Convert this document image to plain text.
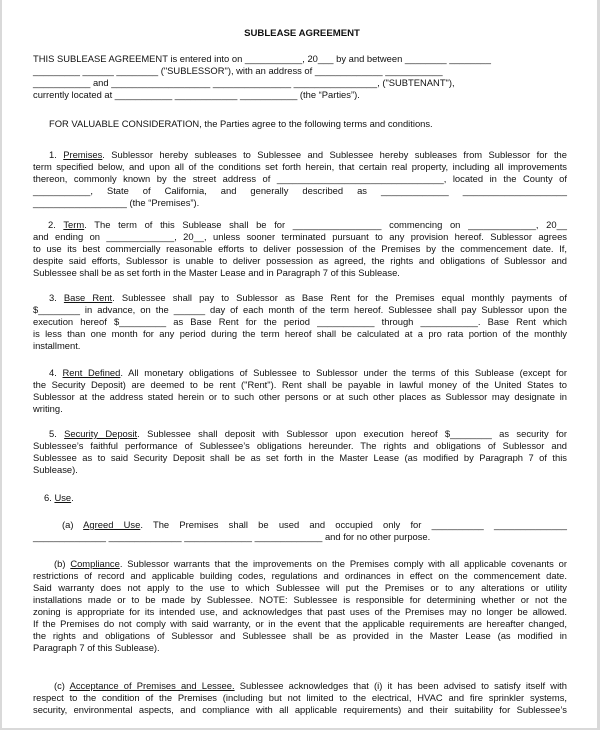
SUBLEASE AGREEMENT
THIS SUBLEASE AGREEMENT is entered into on ___________, 20___ by and between ________ ________
_________ ______ ________ ("SUBLESSOR"), with an address of _____________ ___________
___________ and ___________________ _______________ ________________, ("SUBTENANT"),
currently located at ___________ ____________ ___________ (the “Parties”).
FOR VALUABLE CONSIDERATION, the Parties agree to the following terms and conditions.
1. Premises. Sublessor hereby subleases to Sublessee and Sublessee hereby subleases from Sublessor for the
term specified below, and upon all of the conditions set forth herein, that certain real property, including all improvements
thereon, commonly known by the street address of ________________________________, located in the County of
___________, State of California, and generally described as _____________ ____________________
__________________ (the “Premises”).
2. Term. The term of this Sublease shall be for _________________ commencing on _____________, 20__
and ending on _____________, 20__, unless sooner terminated pursuant to any provision hereof. Sublessor agrees
to use its best commercially reasonable efforts to deliver possession of the Premises by the commencement date. If,
despite said efforts, Sublessor is unable to deliver possession as agreed, the rights and obligations of Sublessor and
Sublessee shall be as set forth in the Master Lease and in Paragraph 7 of this Sublease.
3. Base Rent. Sublessee shall pay to Sublessor as Base Rent for the Premises equal monthly payments of
$________ in advance, on the ______ day of each month of the term hereof. Sublessee shall pay Sublessor upon the
execution hereof $_________ as Base Rent for the period ___________ through ___________. Base Rent which
is less than one month for any period during the term hereof shall be calculated at a pro rata portion of the monthly
installment.
4. Rent Defined. All monetary obligations of Sublessee to Sublessor under the terms of this Sublease (except for
the Security Deposit) are deemed to be rent ("Rent"). Rent shall be payable in lawful money of the United States to
Sublessor at the address stated herein or to such other persons or at such other places as Sublessor may designate in
writing.
5. Security Deposit. Sublessee shall deposit with Sublessor upon execution hereof $________ as security for
Sublessee’s faithful performance of Sublessee’s obligations hereunder. The rights and obligations of Sublessor and
Sublessee as to said Security Deposit shall be as set forth in the Master Lease (as modified by Paragraph 7 of this
Sublease).
6. Use.
(a) Agreed Use. The Premises shall be used and occupied only for __________ ______________
______________ ______________ _____________ _____________ and for no other purpose.
(b) Compliance. Sublessor warrants that the improvements on the Premises comply with all applicable covenants or
restrictions of record and applicable building codes, regulations and ordinances in effect on the commencement date.
Said warranty does not apply to the use to which Sublessee will put the Premises or to any alterations or utility
installations made or to be made by Sublessee. NOTE: Sublessee is responsible for determining whether or not the
zoning is appropriate for its intended use, and acknowledges that past uses of the Premises may no longer be allowed.
If the Premises do not comply with said warranty, or in the event that the applicable requirements are hereafter changed,
the rights and obligations of Sublessor and Sublessee shall be as provided in the Master Lease (as modified in
Paragraph 7 of this Sublease).
(c) Acceptance of Premises and Lessee. Sublessee acknowledges that (i) it has been advised to satisfy itself with
respect to the condition of the Premises (including but not limited to the electrical, HVAC and fire sprinkler systems,
security, environmental aspects, and compliance with all applicable requirements) and their suitability for Sublessee’s
